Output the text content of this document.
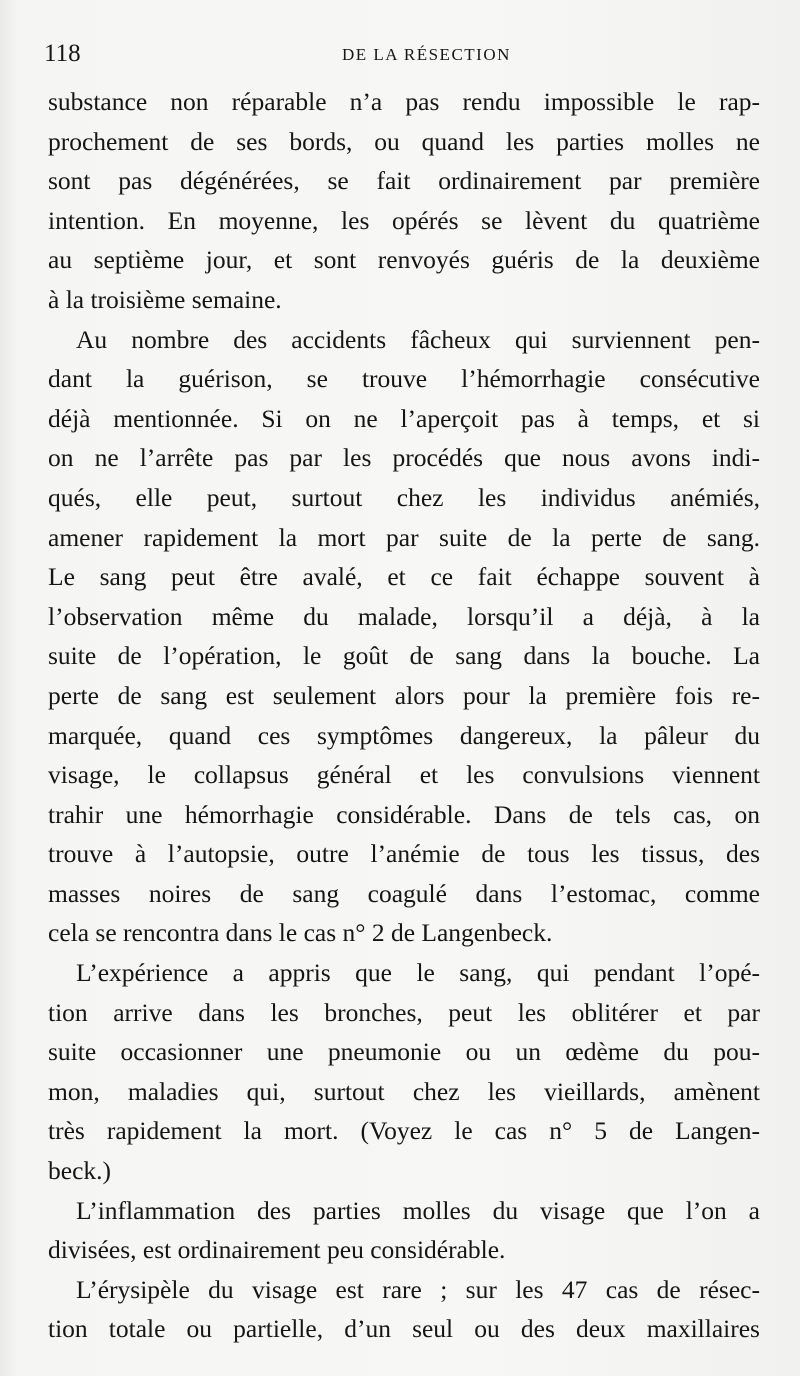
118	DE LA RÉSECTION
substance non réparable n’a pas rendu impossible le rap-
prochement de ses bords, ou quand les parties molles ne
sont pas dégénérées, se fait ordinairement par première
intention. En moyenne, les opérés se lèvent du quatrième
au septième jour, et sont renvoyés guéris de la deuxième
à la troisième semaine.
Au nombre des accidents fâcheux qui surviennent pen-
dant la guérison, se trouve l’hémorrhagie consécutive
déjà mentionnée. Si on ne l’aperçoit pas à temps, et si
on ne l’arrête pas par les procédés que nous avons indi-
qués, elle peut, surtout chez les individus anémiés,
amener rapidement la mort par suite de la perte de sang.
Le sang peut être avalé, et ce fait échappe souvent à
l’observation même du malade, lorsqu’il a déjà, à la
suite de l’opération, le goût de sang dans la bouche. La
perte de sang est seulement alors pour la première fois re-
marquée, quand ces symptômes dangereux, la pâleur du
visage, le collapsus général et les convulsions viennent
trahir une hémorrhagie considérable. Dans de tels cas, on
trouve à l’autopsie, outre l’anémie de tous les tissus, des
masses noires de sang coagulé dans l’estomac, comme
cela se rencontra dans le cas n° 2 de Langenbeck.
L’expérience a appris que le sang, qui pendant l’opé-
tion arrive dans les bronches, peut les oblitérer et par
suite occasionner une pneumonie ou un œdème du pou-
mon, maladies qui, surtout chez les vieillards, amènent
très rapidement la mort. (Voyez le cas n° 5 de Langen-
beck.)
L’inflammation des parties molles du visage que l’on a
divisées, est ordinairement peu considérable.
L’érysipèle du visage est rare ; sur les 47 cas de résec-
tion totale ou partielle, d’un seul ou des deux maxillaires
